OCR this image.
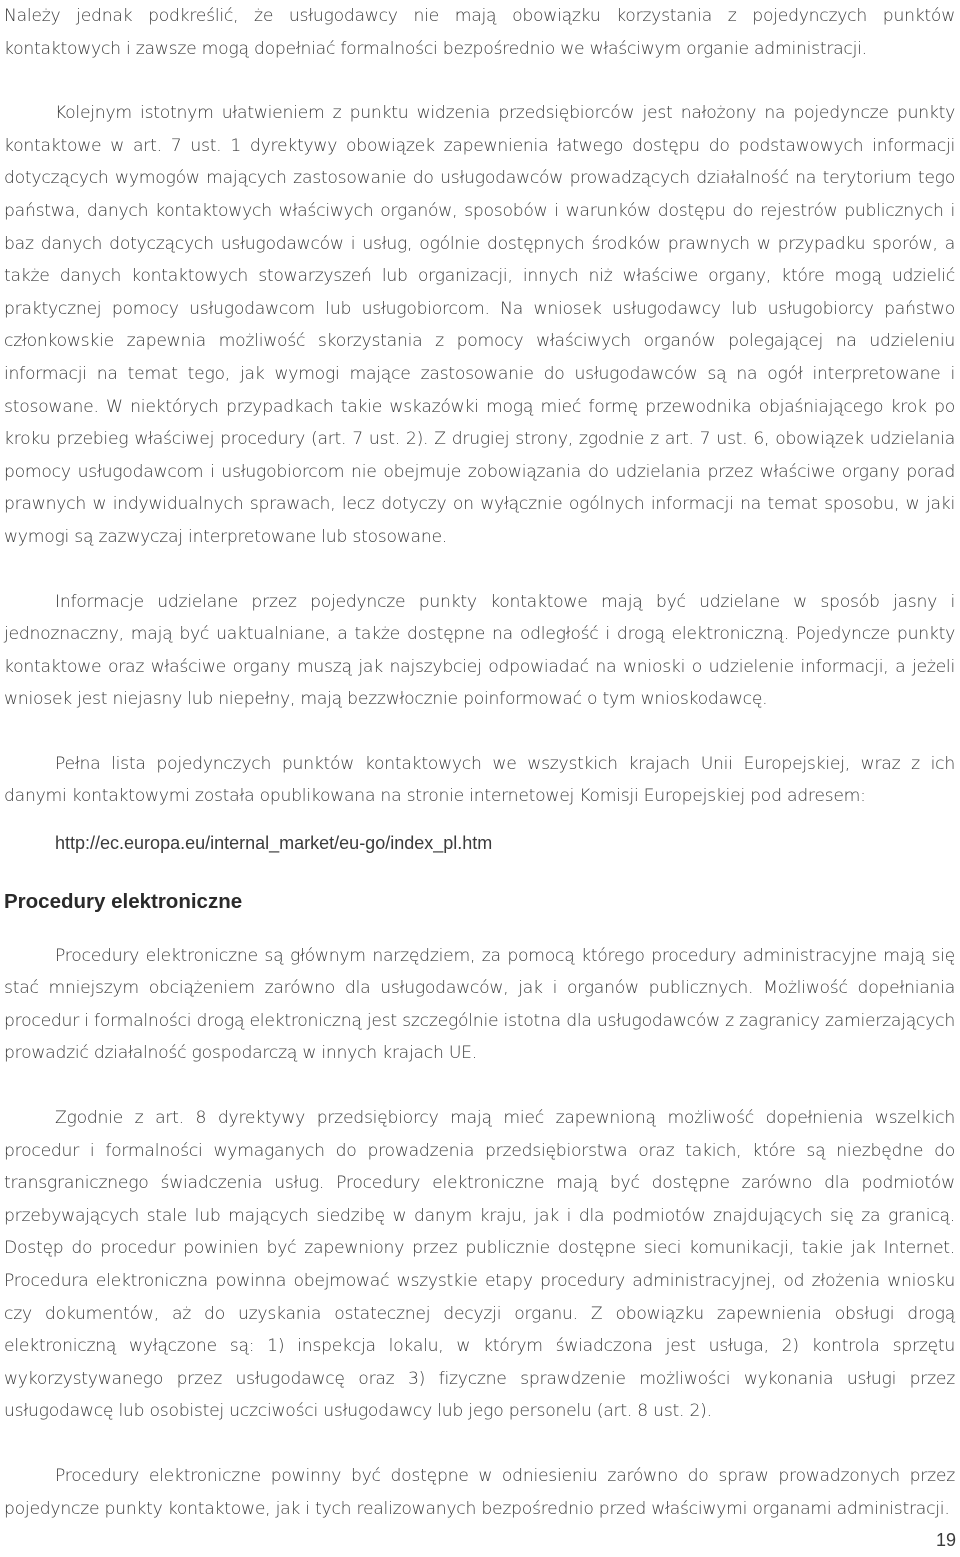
Należy jednak podkreślić, że usługodawcy nie mają obowiązku korzystania z pojedynczych punktów kontaktowych i zawsze mogą dopełniać formalności bezpośrednio we właściwym organie administracji.

Kolejnym istotnym ułatwieniem z punktu widzenia przedsiębiorców jest nałożony na pojedyncze punkty kontaktowe w art. 7 ust. 1 dyrektywy obowiązek zapewnienia łatwego dostępu do podstawowych informacji dotyczących wymogów mających zastosowanie do usługodawców prowadzących działalność na terytorium tego państwa, danych kontaktowych właściwych organów, sposobów i warunków dostępu do rejestrów publicznych i baz danych dotyczących usługodawców i usług, ogólnie dostępnych środków prawnych w przypadku sporów, a także danych kontaktowych stowarzyszeń lub organizacji, innych niż właściwe organy, które mogą udzielić praktycznej pomocy usługodawcom lub usługobiorcom. Na wniosek usługodawcy lub usługobiorcy państwo członkowskie zapewnia możliwość skorzystania z pomocy właściwych organów polegającej na udzieleniu informacji na temat tego, jak wymogi mające zastosowanie do usługodawców są na ogół interpretowane i stosowane. W niektórych przypadkach takie wskazówki mogą mieć formę przewodnika objaśniającego krok po kroku przebieg właściwej procedury (art. 7 ust. 2). Z drugiej strony, zgodnie z art. 7 ust. 6, obowiązek udzielania pomocy usługodawcom i usługobiorcom nie obejmuje zobowiązania do udzielania przez właściwe organy porad prawnych w indywidualnych sprawach, lecz dotyczy on wyłącznie ogólnych informacji na temat sposobu, w jaki wymogi są zazwyczaj interpretowane lub stosowane.

Informacje udzielane przez pojedyncze punkty kontaktowe mają być udzielane w sposób jasny i jednoznaczny, mają być uaktualniane, a także dostępne na odległość i drogą elektroniczną. Pojedyncze punkty kontaktowe oraz właściwe organy muszą jak najszybciej odpowiadać na wnioski o udzielenie informacji, a jeżeli wniosek jest niejasny lub niepełny, mają bezzwłocznie poinformować o tym wnioskodawcę.

Pełna lista pojedynczych punktów kontaktowych we wszystkich krajach Unii Europejskiej, wraz z ich danymi kontaktowymi została opublikowana na stronie internetowej Komisji Europejskiej pod adresem:

http://ec.europa.eu/internal_market/eu-go/index_pl.htm

Procedury elektroniczne

Procedury elektroniczne są głównym narzędziem, za pomocą którego procedury administracyjne mają się stać mniejszym obciążeniem zarówno dla usługodawców, jak i organów publicznych. Możliwość dopełniania procedur i formalności drogą elektroniczną jest szczególnie istotna dla usługodawców z zagranicy zamierzających prowadzić działalność gospodarczą w innych krajach UE.

Zgodnie z art. 8 dyrektywy przedsiębiorcy mają mieć zapewnioną możliwość dopełnienia wszelkich procedur i formalności wymaganych do prowadzenia przedsiębiorstwa oraz takich, które są niezbędne do transgranicznego świadczenia usług. Procedury elektroniczne mają być dostępne zarówno dla podmiotów przebywających stale lub mających siedzibę w danym kraju, jak i dla podmiotów znajdujących się za granicą. Dostęp do procedur powinien być zapewniony przez publicznie dostępne sieci komunikacji, takie jak Internet. Procedura elektroniczna powinna obejmować wszystkie etapy procedury administracyjnej, od złożenia wniosku czy dokumentów, aż do uzyskania ostatecznej decyzji organu. Z obowiązku zapewnienia obsługi drogą elektroniczną wyłączone są: 1) inspekcja lokalu, w którym świadczona jest usługa, 2) kontrola sprzętu wykorzystywanego przez usługodawcę oraz 3) fizyczne sprawdzenie możliwości wykonania usługi przez usługodawcę lub osobistej uczciwości usługodawcy lub jego personelu (art. 8 ust. 2).

Procedury elektroniczne powinny być dostępne w odniesieniu zarówno do spraw prowadzonych przez pojedyncze punkty kontaktowe, jak i tych realizowanych bezpośrednio przed właściwymi organami administracji.

19
